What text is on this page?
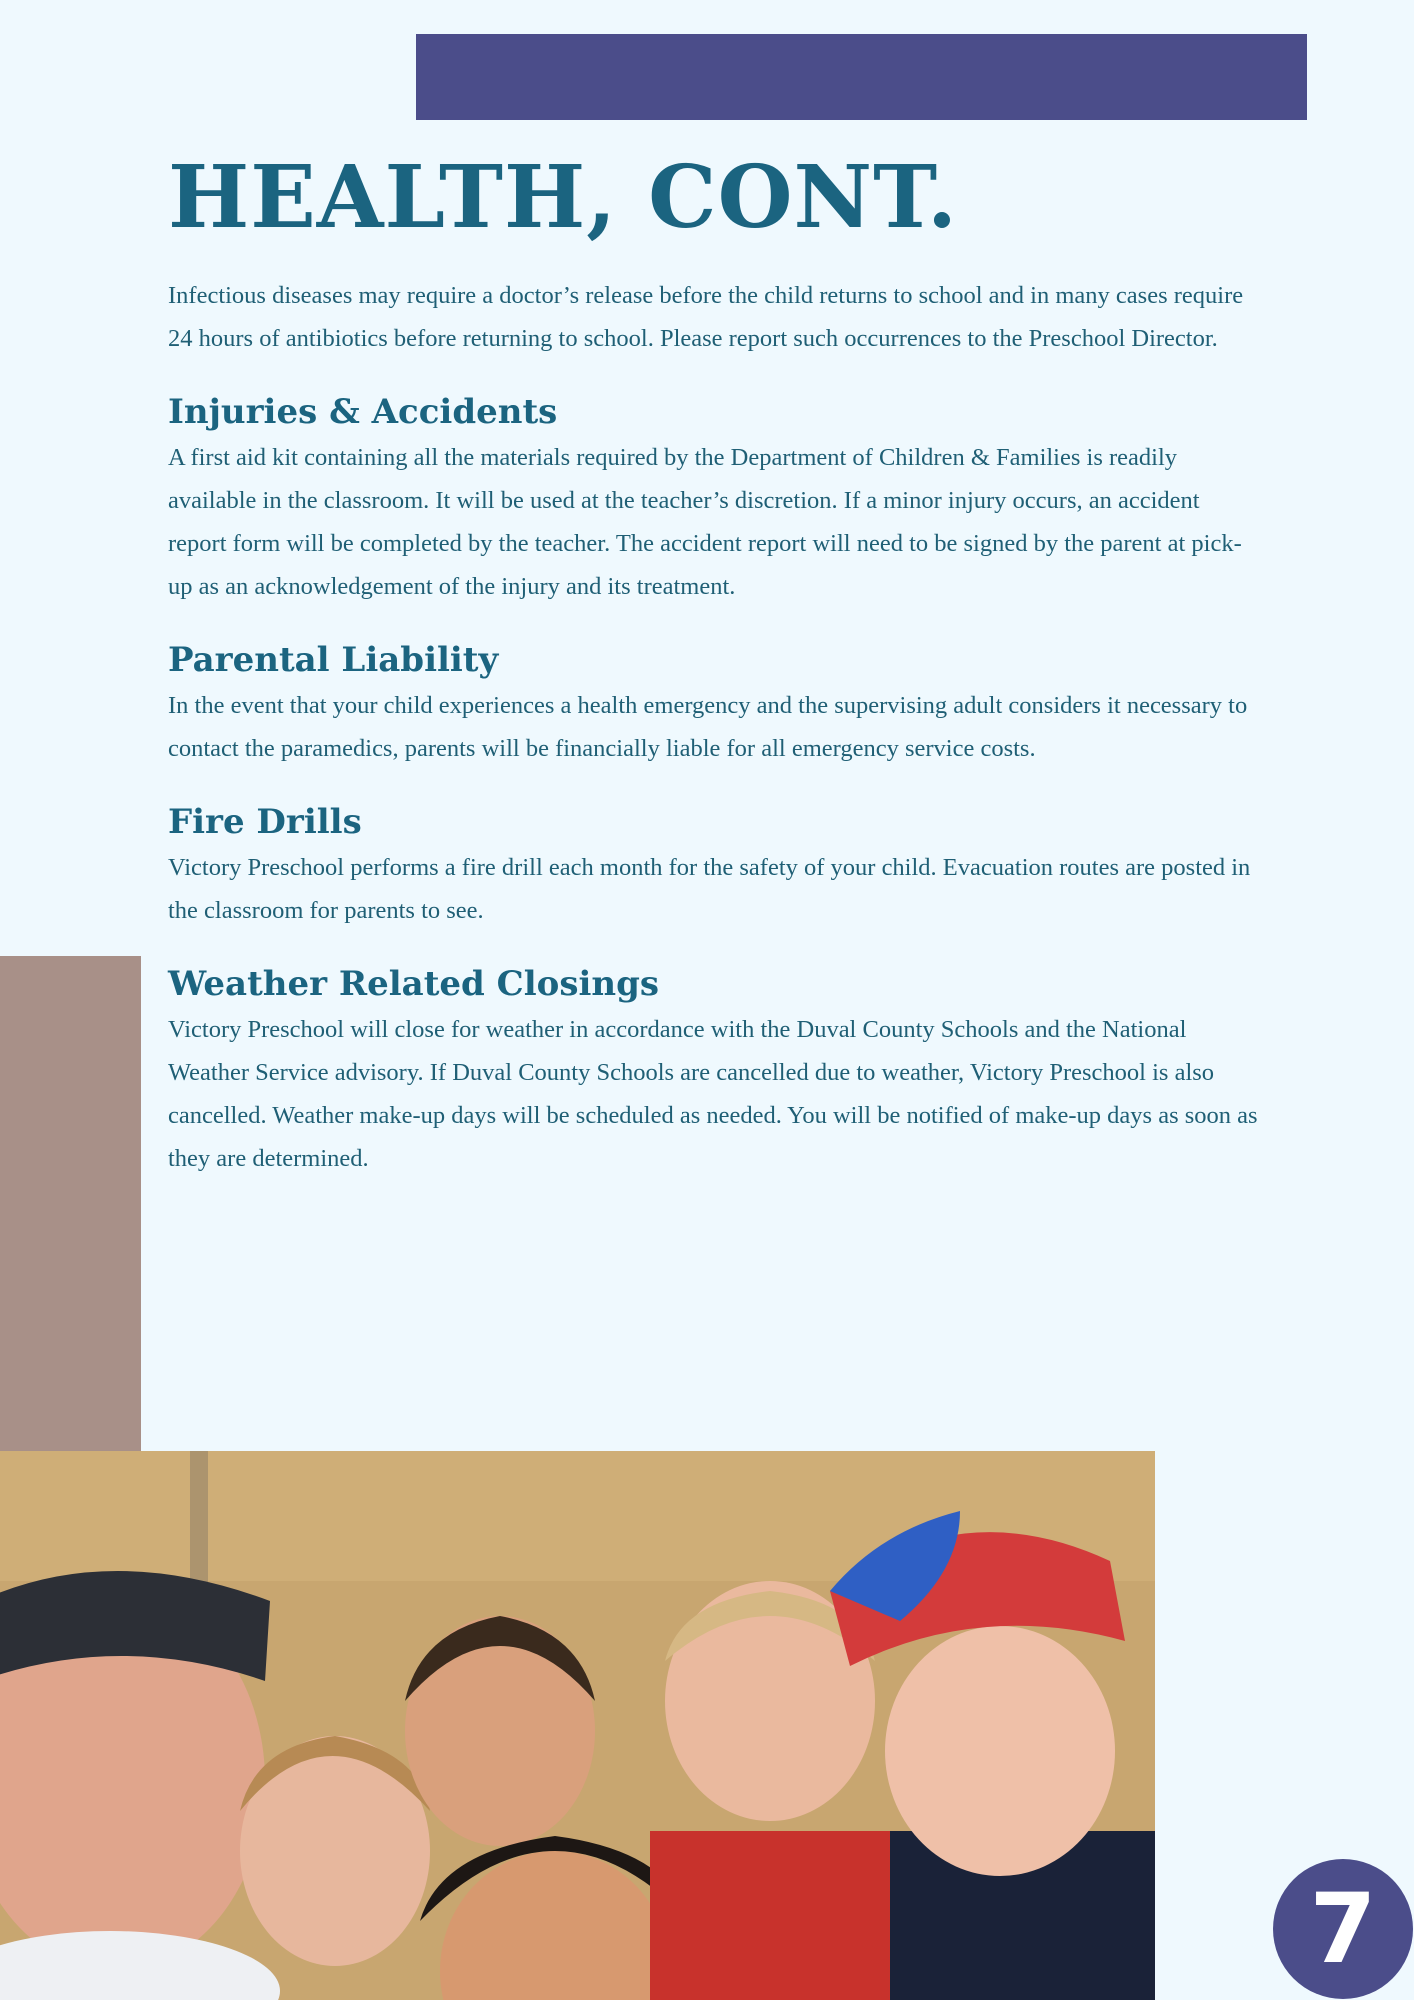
HEALTH, CONT.

Infectious diseases may require a doctor’s release before the child returns to school and in many cases require 24 hours of antibiotics before returning to school. Please report such occurrences to the Preschool Director.

Injuries & Accidents

A first aid kit containing all the materials required by the Department of Children & Families is readily available in the classroom. It will be used at the teacher’s discretion. If a minor injury occurs, an accident report form will be completed by the teacher. The accident report will need to be signed by the parent at pick-up as an acknowledgement of the injury and its treatment.

Parental Liability

In the event that your child experiences a health emergency and the supervising adult considers it necessary to contact the paramedics, parents will be financially liable for all emergency service costs.

Fire Drills

Victory Preschool performs a fire drill each month for the safety of your child. Evacuation routes are posted in the classroom for parents to see.

Weather Related Closings

Victory Preschool will close for weather in accordance with the Duval County Schools and the National Weather Service advisory. If Duval County Schools are cancelled due to weather, Victory Preschool is also cancelled. Weather make-up days will be scheduled as needed. You will be notified of make-up days as soon as they are determined.

7
